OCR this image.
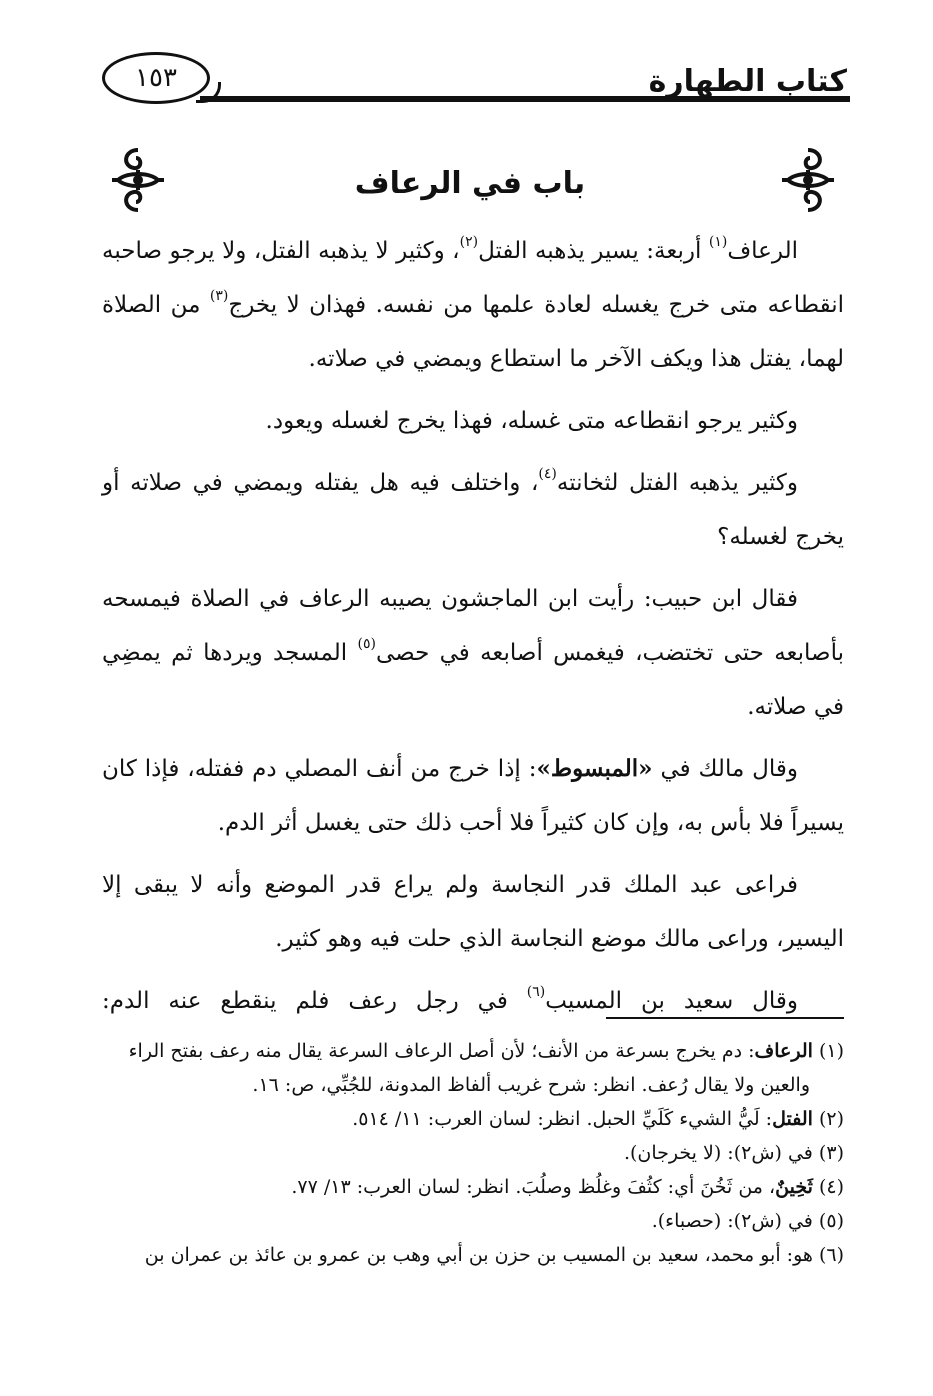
كتاب الطهارة
١٥٣
باب في الرعاف

الرعاف$^{(١)}$ أربعة: يسير يذهبه الفتل$^{(٢)}$، وكثير لا يذهبه الفتل، ولا يرجو صاحبه انقطاعه متى خرج يغسله لعادة علمها من نفسه. فهذان لا يخرج$^{(٣)}$ من الصلاة لهما، يفتل هذا ويكف الآخر ما استطاع ويمضي في صلاته.

وكثير يرجو انقطاعه متى غسله، فهذا يخرج لغسله ويعود.

وكثير يذهبه الفتل لثخانته$^{(٤)}$، واختلف فيه هل يفتله ويمضي في صلاته أو يخرج لغسله؟

فقال ابن حبيب: رأيت ابن الماجشون يصيبه الرعاف في الصلاة فيمسحه بأصابعه حتى تختضب، فيغمس أصابعه في حصى$^{(٥)}$ المسجد ويردها ثم يمضِي في صلاته.

وقال مالك في «المبسوط»: إذا خرج من أنف المصلي دم ففتله، فإذا كان يسيراً فلا بأس به، وإن كان كثيراً فلا أحب ذلك حتى يغسل أثر الدم.

فراعى عبد الملك قدر النجاسة ولم يراع قدر الموضع وأنه لا يبقى إلا اليسير، وراعى مالك موضع النجاسة الذي حلت فيه وهو كثير.

وقال سعيد بن المسيب$^{(٦)}$ في رجل رعف فلم ينقطع عنه الدم:

(١) الرعاف: دم يخرج بسرعة من الأنف؛ لأن أصل الرعاف السرعة يقال منه رعف بفتح الراء

والعين ولا يقال رُعف. انظر: شرح غريب ألفاظ المدونة، للجُبِّي، ص: ١٦.

(٢) الفتل: لَيُّ الشيء كَلَيِّ الحبل. انظر: لسان العرب: ١١/ ٥١٤.

(٣) في (ش٢): (لا يخرجان).

(٤) ثَخِينٌ، من ثَخُنَ أي: كثُفَ وغلُظ وصلُبَ. انظر: لسان العرب: ١٣/ ٧٧.

(٥) في (ش٢): (حصباء).

(٦) هو: أبو محمد، سعيد بن المسيب بن حزن بن أبي وهب بن عمرو بن عائذ بن عمران بن
